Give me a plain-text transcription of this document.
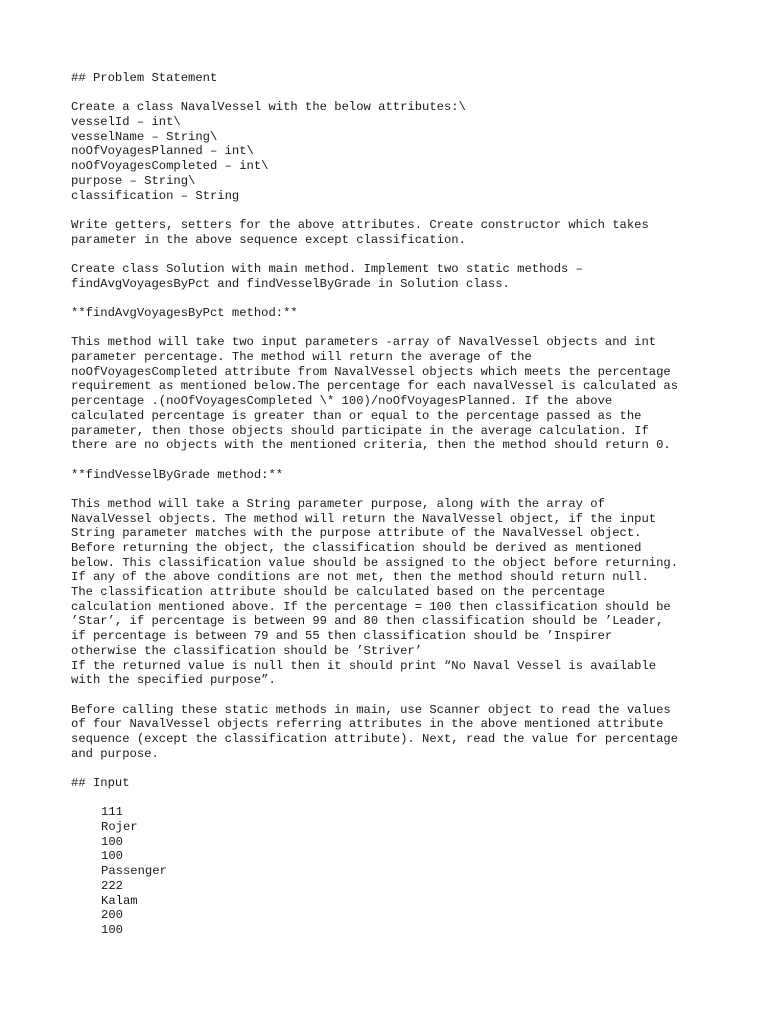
## Problem Statement
Create a class NavalVessel with the below attributes:\
vesselId – int\
vesselName – String\
noOfVoyagesPlanned – int\
noOfVoyagesCompleted – int\
purpose – String\
classification – String
Write getters, setters for the above attributes. Create constructor which takes
parameter in the above sequence except classification.
Create class Solution with main method. Implement two static methods –
findAvgVoyagesByPct and findVesselByGrade in Solution class.
**findAvgVoyagesByPct method:**
This method will take two input parameters -array of NavalVessel objects and int
parameter percentage. The method will return the average of the
noOfVoyagesCompleted attribute from NavalVessel objects which meets the percentage
requirement as mentioned below.The percentage for each navalVessel is calculated as
percentage .(noOfVoyagesCompleted \* 100)/noOfVoyagesPlanned. If the above
calculated percentage is greater than or equal to the percentage passed as the
parameter, then those objects should participate in the average calculation. If
there are no objects with the mentioned criteria, then the method should return 0.
**findVesselByGrade method:**
This method will take a String parameter purpose, along with the array of
NavalVessel objects. The method will return the NavalVessel object, if the input
String parameter matches with the purpose attribute of the NavalVessel object.
Before returning the object, the classification should be derived as mentioned
below. This classification value should be assigned to the object before returning.
If any of the above conditions are not met, then the method should return null.
The classification attribute should be calculated based on the percentage
calculation mentioned above. If the percentage = 100 then classification should be
’Star’, if percentage is between 99 and 80 then classification should be ’Leader,
if percentage is between 79 and 55 then classification should be ’Inspirer
otherwise the classification should be ’Striver’
If the returned value is null then it should print “No Naval Vessel is available
with the specified purpose”.
Before calling these static methods in main, use Scanner object to read the values
of four NavalVessel objects referring attributes in the above mentioned attribute
sequence (except the classification attribute). Next, read the value for percentage
and purpose.
## Input
111
Rojer
100
100
Passenger
222
Kalam
200
100
